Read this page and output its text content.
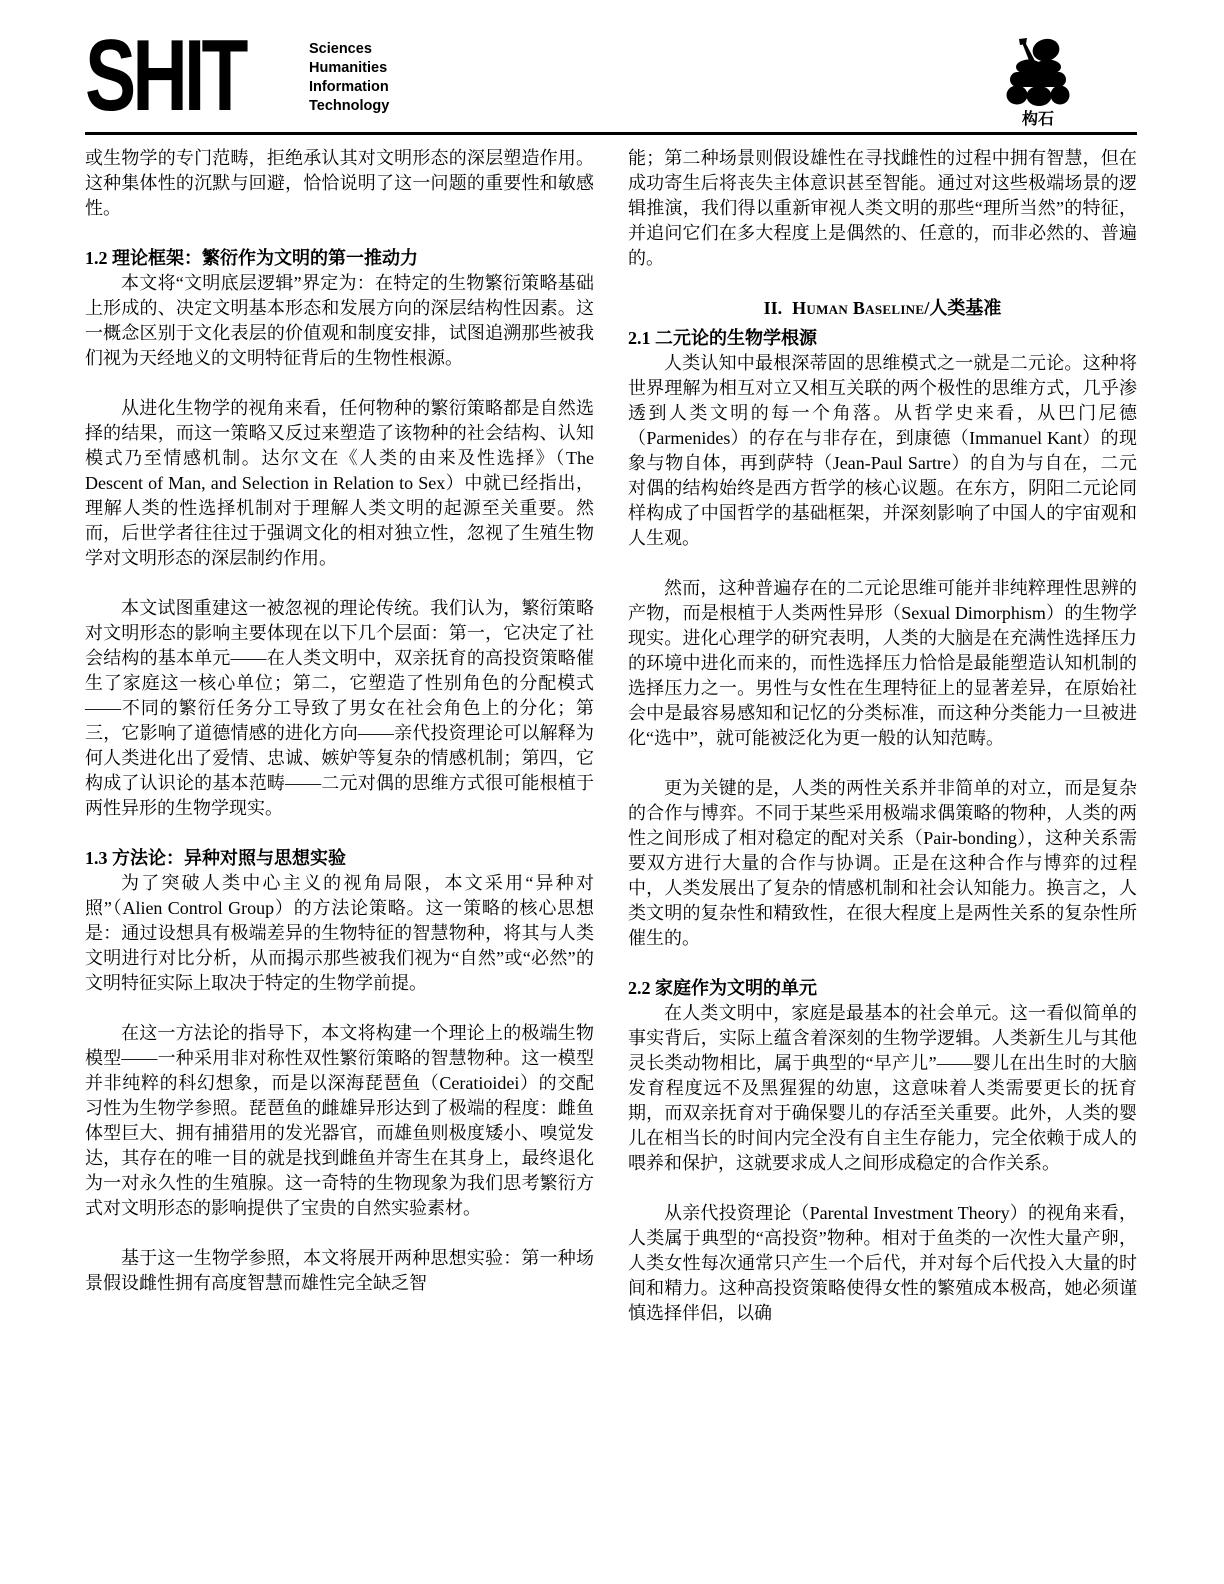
SHIT	Sciences
Humanities
Information
Technology
构石

或生物学的专门范畴，拒绝承认其对文明形态的深层塑造作用。这种集体性的沉默与回避，恰恰说明了这一问题的重要性和敏感性。

1.2 理论框架：繁衍作为文明的第一推动力

本文将“文明底层逻辑”界定为：在特定的生物繁衍策略基础上形成的、决定文明基本形态和发展方向的深层结构性因素。这一概念区别于文化表层的价值观和制度安排，试图追溯那些被我们视为天经地义的文明特征背后的生物性根源。

从进化生物学的视角来看，任何物种的繁衍策略都是自然选择的结果，而这一策略又反过来塑造了该物种的社会结构、认知模式乃至情感机制。达尔文在《人类的由来及性选择》（The Descent of Man, and Selection in Relation to Sex）中就已经指出，理解人类的性选择机制对于理解人类文明的起源至关重要。然而，后世学者往往过于强调文化的相对独立性，忽视了生殖生物学对文明形态的深层制约作用。

本文试图重建这一被忽视的理论传统。我们认为，繁衍策略对文明形态的影响主要体现在以下几个层面：第一，它决定了社会结构的基本单元——在人类文明中，双亲抚育的高投资策略催生了家庭这一核心单位；第二，它塑造了性别角色的分配模式——不同的繁衍任务分工导致了男女在社会角色上的分化；第三，它影响了道德情感的进化方向——亲代投资理论可以解释为何人类进化出了爱情、忠诚、嫉妒等复杂的情感机制；第四，它构成了认识论的基本范畴——二元对偶的思维方式很可能根植于两性异形的生物学现实。

1.3 方法论：异种对照与思想实验

为了突破人类中心主义的视角局限，本文采用“异种对照”（Alien Control Group）的方法论策略。这一策略的核心思想是：通过设想具有极端差异的生物特征的智慧物种，将其与人类文明进行对比分析，从而揭示那些被我们视为“自然”或“必然”的文明特征实际上取决于特定的生物学前提。

在这一方法论的指导下，本文将构建一个理论上的极端生物模型——一种采用非对称性双性繁衍策略的智慧物种。这一模型并非纯粹的科幻想象，而是以深海琵琶鱼（Ceratioidei）的交配习性为生物学参照。琵琶鱼的雌雄异形达到了极端的程度：雌鱼体型巨大、拥有捕猎用的发光器官，而雄鱼则极度矮小、嗅觉发达，其存在的唯一目的就是找到雌鱼并寄生在其身上，最终退化为一对永久性的生殖腺。这一奇特的生物现象为我们思考繁衍方式对文明形态的影响提供了宝贵的自然实验素材。

基于这一生物学参照，本文将展开两种思想实验：第一种场景假设雌性拥有高度智慧而雄性完全缺乏智

能；第二种场景则假设雄性在寻找雌性的过程中拥有智慧，但在成功寄生后将丧失主体意识甚至智能。通过对这些极端场景的逻辑推演，我们得以重新审视人类文明的那些“理所当然”的特征，并追问它们在多大程度上是偶然的、任意的，而非必然的、普遍的。

II. Human Baseline/人类基准
2.1 二元论的生物学根源

人类认知中最根深蒂固的思维模式之一就是二元论。这种将世界理解为相互对立又相互关联的两个极性的思维方式，几乎渗透到人类文明的每一个角落。从哲学史来看，从巴门尼德（Parmenides）的存在与非存在，到康德（Immanuel Kant）的现象与物自体，再到萨特（Jean-Paul Sartre）的自为与自在，二元对偶的结构始终是西方哲学的核心议题。在东方，阴阳二元论同样构成了中国哲学的基础框架，并深刻影响了中国人的宇宙观和人生观。

然而，这种普遍存在的二元论思维可能并非纯粹理性思辨的产物，而是根植于人类两性异形（Sexual Dimorphism）的生物学现实。进化心理学的研究表明，人类的大脑是在充满性选择压力的环境中进化而来的，而性选择压力恰恰是最能塑造认知机制的选择压力之一。男性与女性在生理特征上的显著差异，在原始社会中是最容易感知和记忆的分类标准，而这种分类能力一旦被进化“选中”，就可能被泛化为更一般的认知范畴。

更为关键的是，人类的两性关系并非简单的对立，而是复杂的合作与博弈。不同于某些采用极端求偶策略的物种，人类的两性之间形成了相对稳定的配对关系（Pair-bonding），这种关系需要双方进行大量的合作与协调。正是在这种合作与博弈的过程中，人类发展出了复杂的情感机制和社会认知能力。换言之，人类文明的复杂性和精致性，在很大程度上是两性关系的复杂性所催生的。

2.2 家庭作为文明的单元

在人类文明中，家庭是最基本的社会单元。这一看似简单的事实背后，实际上蕴含着深刻的生物学逻辑。人类新生儿与其他灵长类动物相比，属于典型的“早产儿”——婴儿在出生时的大脑发育程度远不及黑猩猩的幼崽，这意味着人类需要更长的抚育期，而双亲抚育对于确保婴儿的存活至关重要。此外，人类的婴儿在相当长的时间内完全没有自主生存能力，完全依赖于成人的喂养和保护，这就要求成人之间形成稳定的合作关系。

从亲代投资理论（Parental Investment Theory）的视角来看，人类属于典型的“高投资”物种。相对于鱼类的一次性大量产卵，人类女性每次通常只产生一个后代，并对每个后代投入大量的时间和精力。这种高投资策略使得女性的繁殖成本极高，她必须谨慎选择伴侣，以确
